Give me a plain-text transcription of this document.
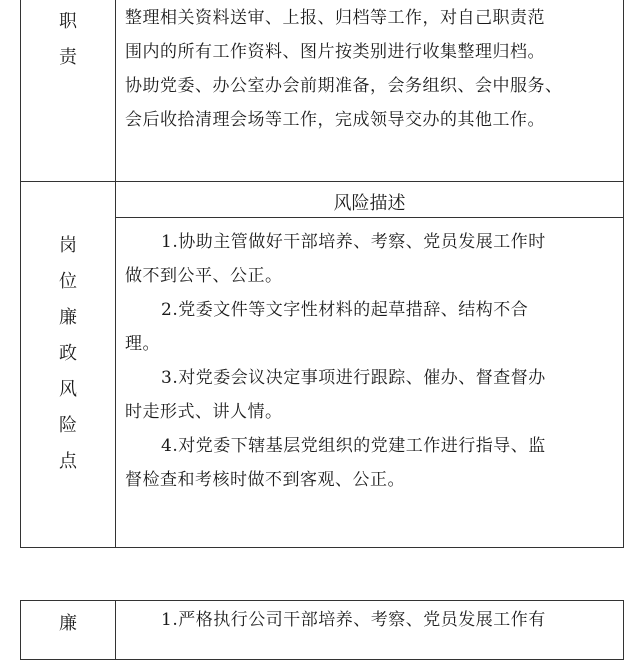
职
责
整理相关资料送审、上报、归档等工作，对自己职责范
围内的所有工作资料、图片按类别进行收集整理归档。
协助党委、办公室办会前期准备，会务组织、会中服务、
会后收拾清理会场等工作，完成领导交办的其他工作。
岗
位
廉
政
风
险
点
风险描述
1.协助主管做好干部培养、考察、党员发展工作时
做不到公平、公正。
2.党委文件等文字性材料的起草措辞、结构不合
理。
3.对党委会议决定事项进行跟踪、催办、督查督办
时走形式、讲人情。
4.对党委下辖基层党组织的党建工作进行指导、监
督检查和考核时做不到客观、公正。
廉	1.严格执行公司干部培养、考察、党员发展工作有
